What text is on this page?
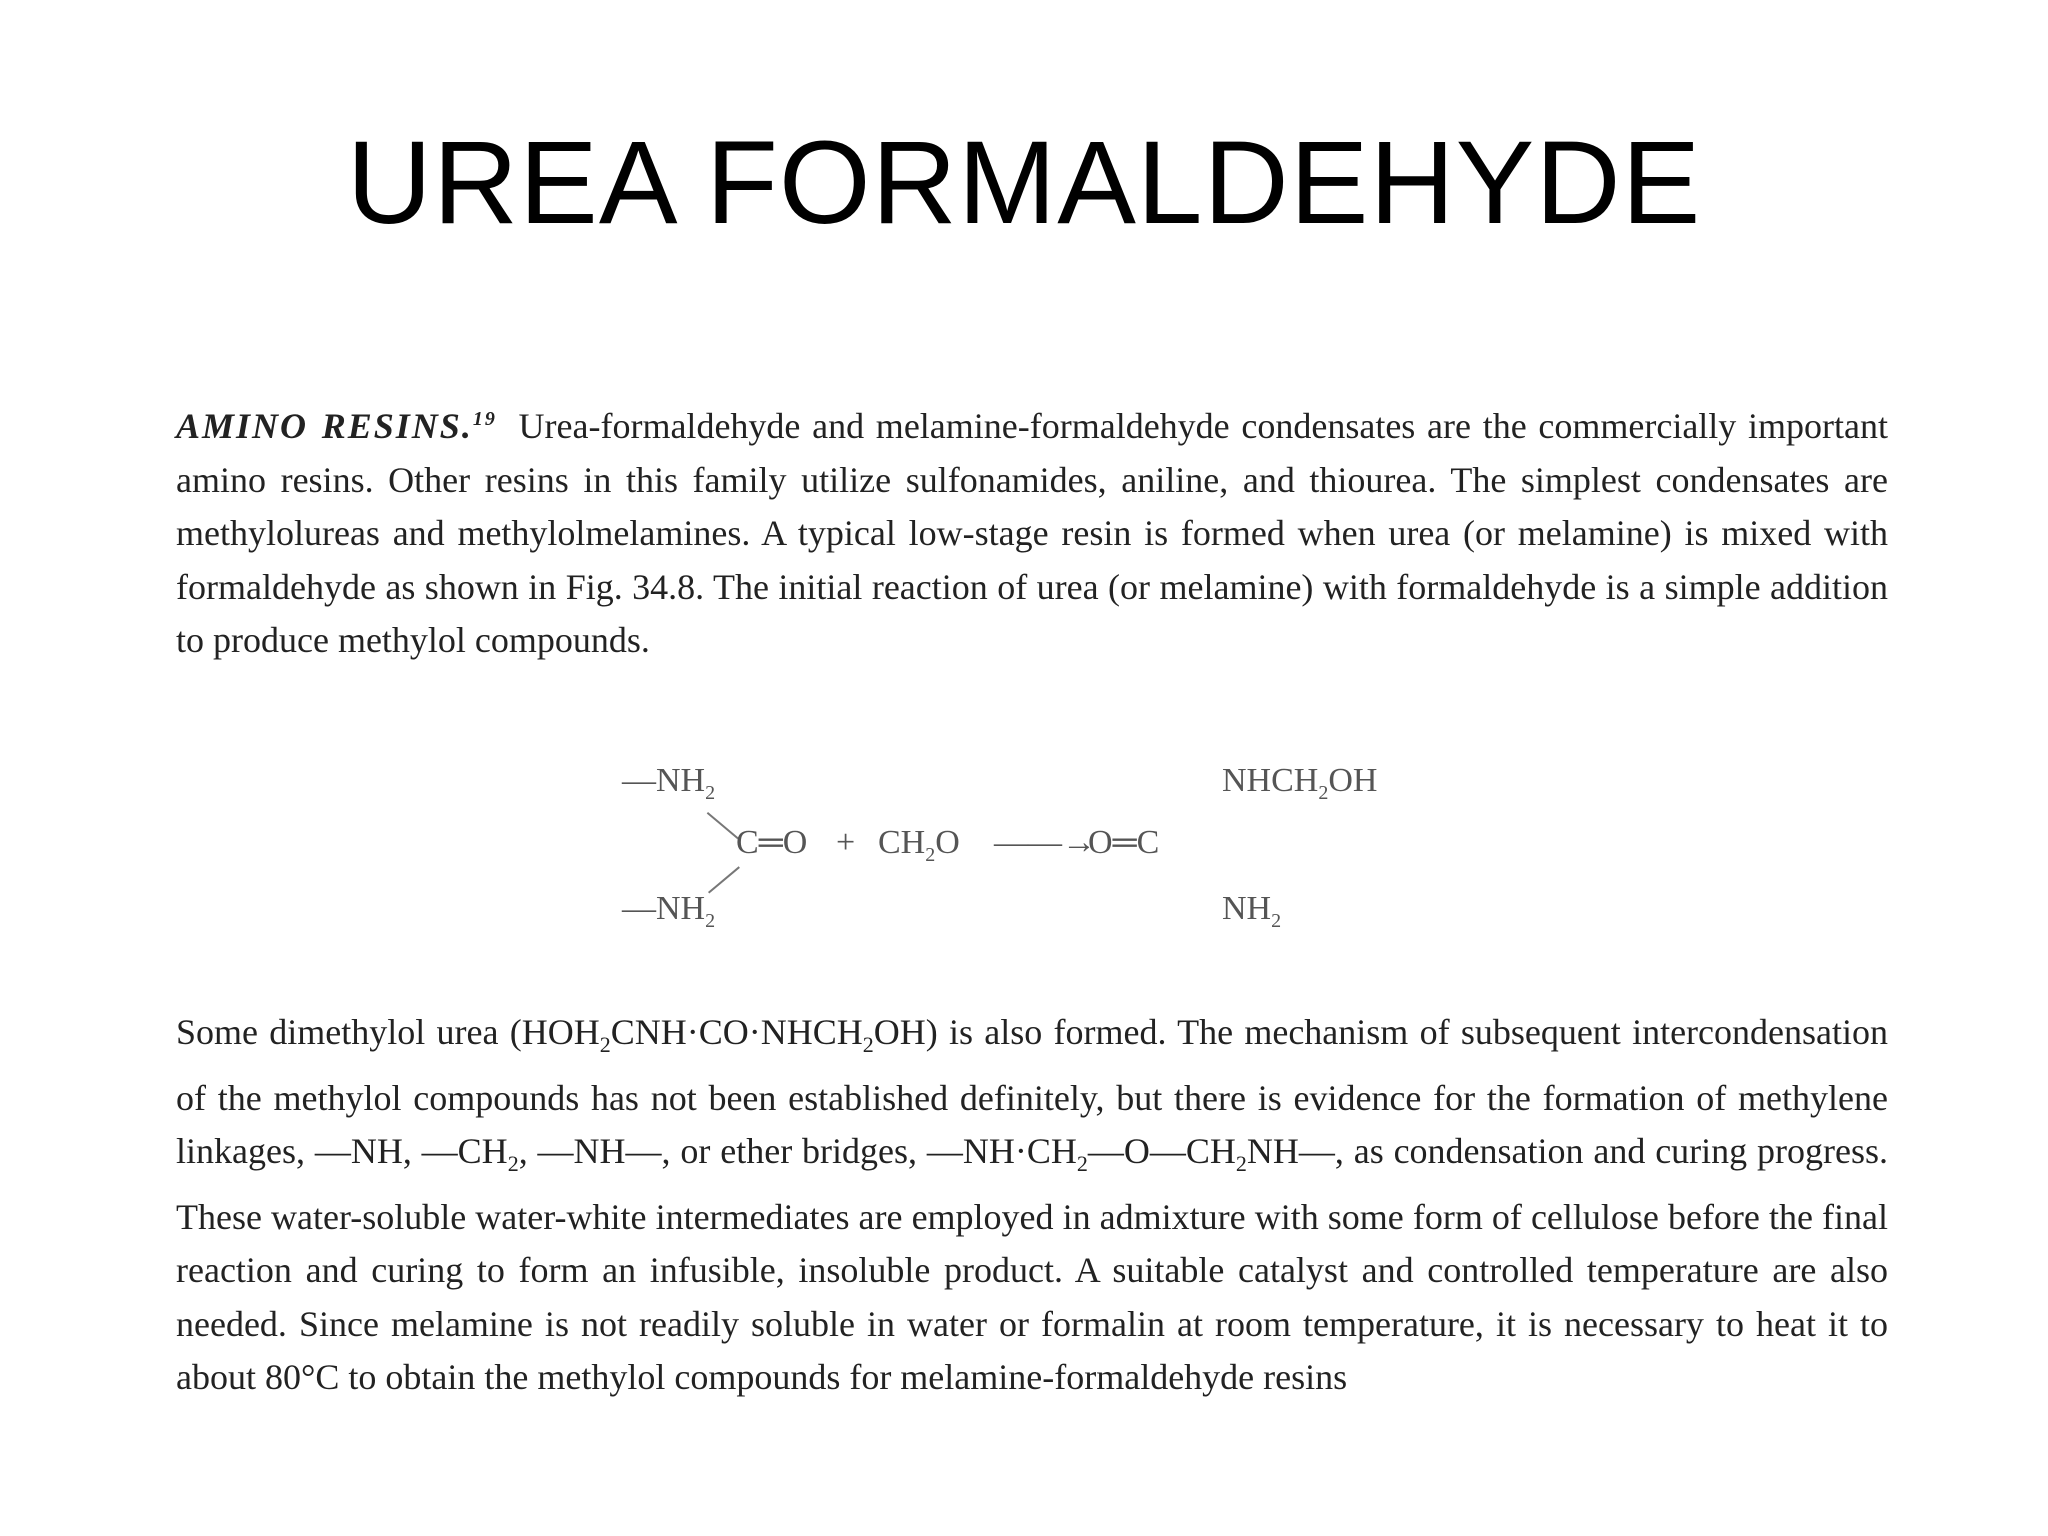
UREA FORMALDEHYDE
AMINO RESINS.$^{19}$ Urea-formaldehyde and melamine-formaldehyde condensates are the commercially important amino resins. Other resins in this family utilize sulfonamides, aniline, and thiourea. The simplest condensates are methylolureas and methylolmelamines. A typical low-stage resin is formed when urea (or melamine) is mixed with formaldehyde as shown in Fig. 34.8. The initial reaction of urea (or melamine) with formaldehyde is a simple addition to produce methylol compounds.
$—NH_2$
C═O + $CH_2O$ ——→
O═C
$—NH_2$
$NHCH_2OH$
$NH_2$
Some dimethylol urea $(HOH_2CNH\cdot CO\cdot NHCH_2OH)$ is also formed. The mechanism of subsequent intercondensation of the methylol compounds has not been established definitely, but there is evidence for the formation of methylene linkages, —NH, $—CH_2$, —NH—, or ether bridges, $—NH\cdot CH_2—O—CH_2NH—$, as condensation and curing progress. These water-soluble water-white intermediates are employed in admixture with some form of cellulose before the final reaction and curing to form an infusible, insoluble product. A suitable catalyst and controlled temperature are also needed. Since melamine is not readily soluble in water or formalin at room temperature, it is necessary to heat it to about 80°C to obtain the methylol compounds for melamine-formaldehyde resins
